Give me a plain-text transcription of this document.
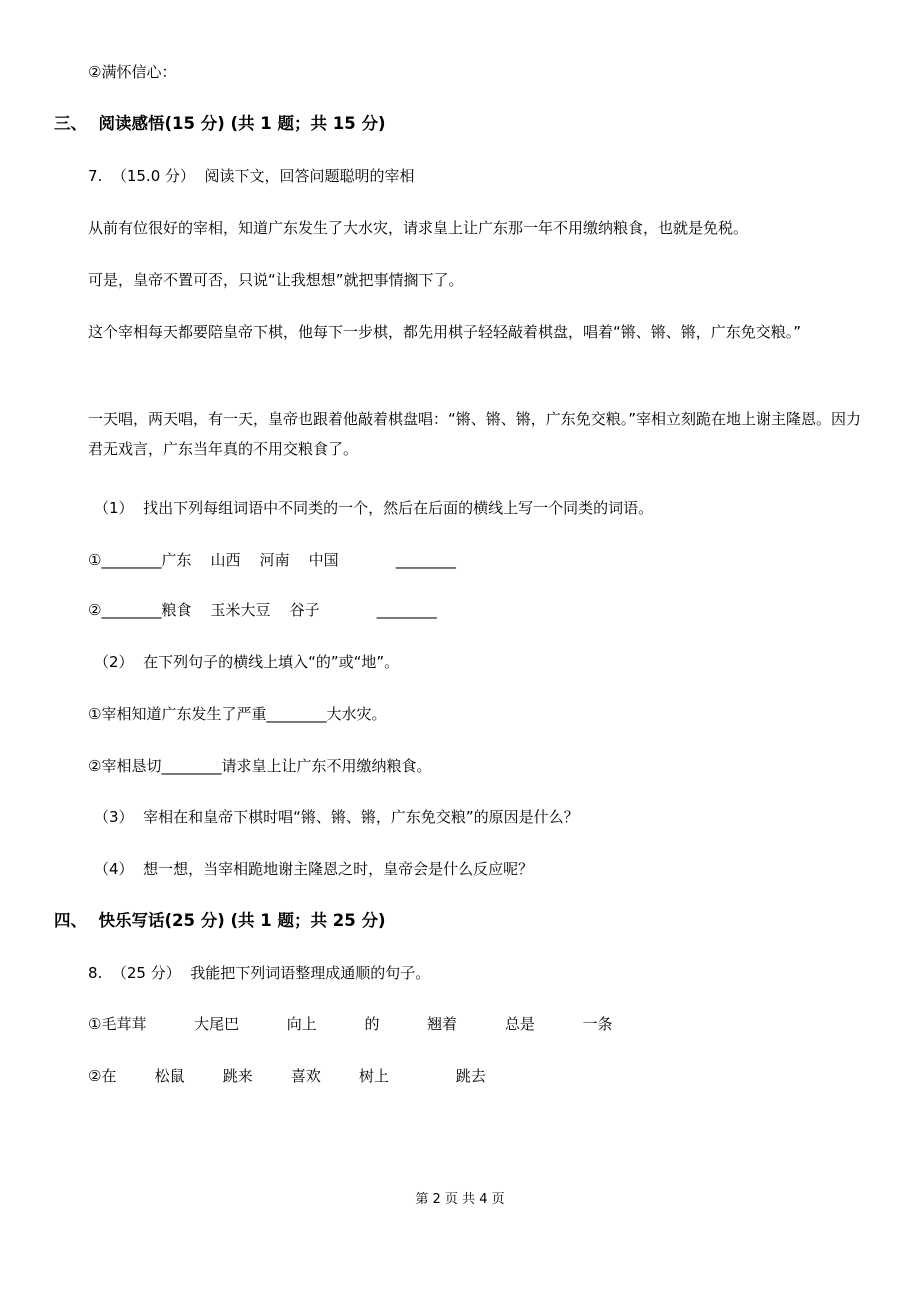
②满怀信心：
三、  阅读感悟(15 分) (共 1 题；共 15 分)
7.  （15.0 分）  阅读下文，回答问题聪明的宰相
从前有位很好的宰相，知道广东发生了大水灾，请求皇上让广东那一年不用缴纳粮食，也就是免税。
可是，皇帝不置可否，只说“让我想想”就把事情搁下了。
这个宰相每天都要陪皇帝下棋，他每下一步棋，都先用棋子轻轻敲着棋盘，唱着“锵、锵、锵，广东免交粮。”
一天唱，两天唱，有一天，皇帝也跟着他敲着棋盘唱：“锵、锵、锵，广东免交粮。”宰相立刻跪在地上谢主隆恩。因力君无戏言，广东当年真的不用交粮食了。
（1）  找出下列每组词语中不同类的一个，然后在后面的横线上写一个同类的词语。
①________广东    山西    河南    中国            ________
②________粮食    玉米大豆    谷子            ________
（2）  在下列句子的横线上填入“的”或“地”。
①宰相知道广东发生了严重________大水灾。
②宰相恳切________请求皇上让广东不用缴纳粮食。
（3）  宰相在和皇帝下棋时唱“锵、锵、锵，广东免交粮”的原因是什么？
（4）  想一想，当宰相跪地谢主隆恩之时，皇帝会是什么反应呢？
四、  快乐写话(25 分) (共 1 题；共 25 分)
8.  （25 分）  我能把下列词语整理成通顺的句子。
①毛茸茸          大尾巴          向上          的          翘着          总是          一条
②在        松鼠        跳来        喜欢        树上              跳去
第 2 页 共 4 页
